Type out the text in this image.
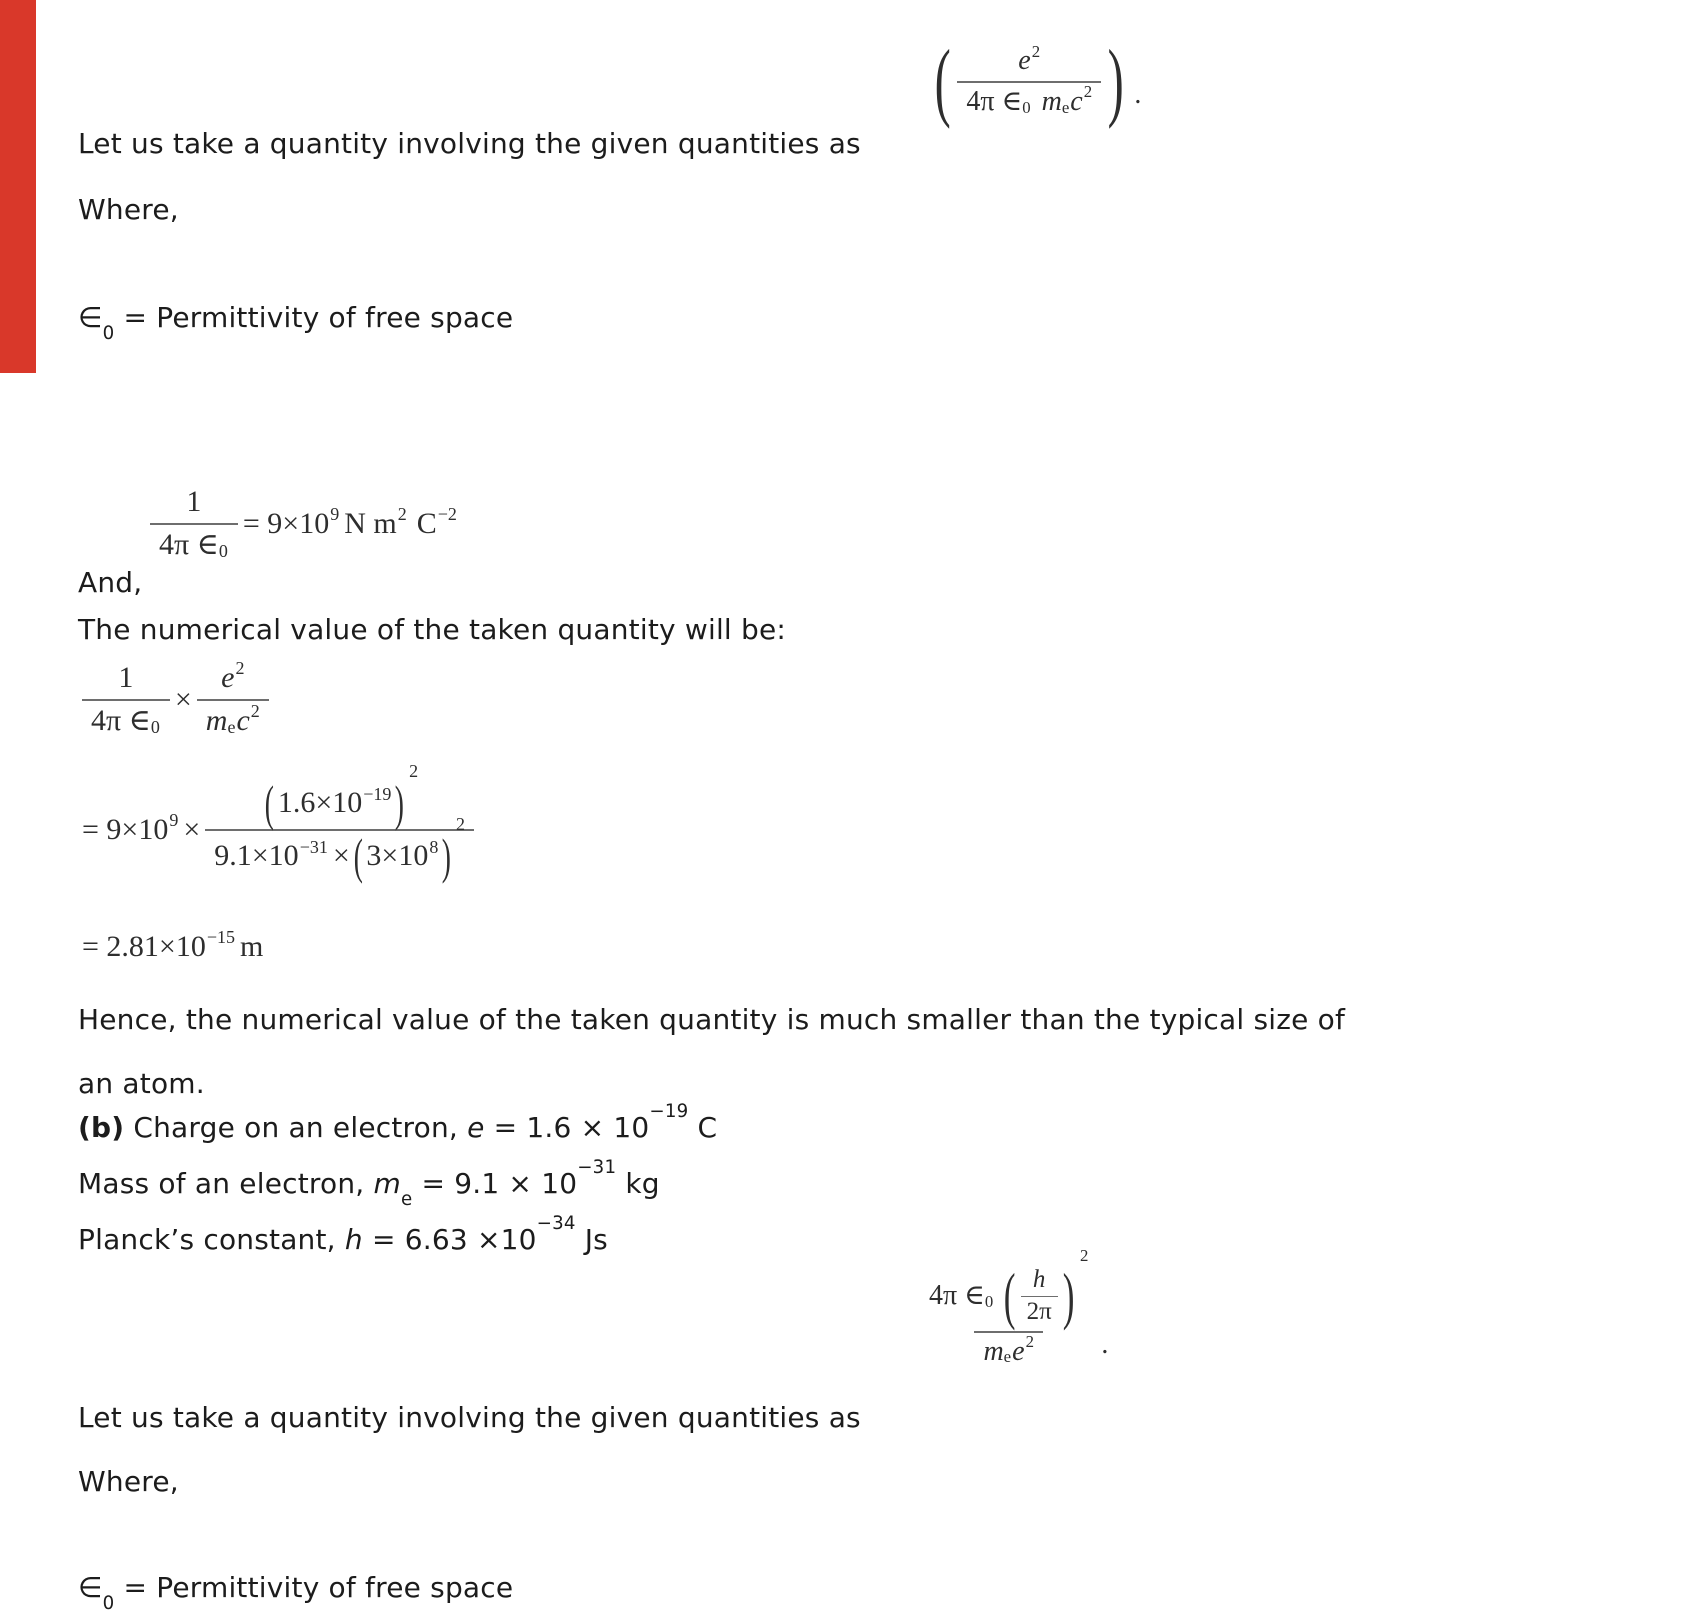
( $\frac{e^2}{4\pi \in_0 m_e c^2}$ ) .
Let us take a quantity involving the given quantities as
Where,
$\in_0$ = Permittivity of free space
$\frac{1}{4\pi \in_0} = 9\times 10^9$ N $m^2$ $C^{-2}$
And,
The numerical value of the taken quantity will be:
$\frac{1}{4\pi \in_0} \times \frac{e^2}{m_e c^2}$
= $9\times 10^9$ × ( $1.6\times 10^{-19}$ )
$^2$
$9.1\times 10^{-31}$ × ( $3\times 10^8$ )
$^2$
= $2.81\times 10^{-15}$ m
Hence, the numerical value of the taken quantity is much smaller than the typical size of
an atom.
(b) Charge on an electron, $e = 1.6 \times 10^{-19}$ C
Mass of an electron, $m_e = 9.1 \times 10^{-31}$ kg
Planck’s constant, $h = 6.63 \times 10^{-34}$ Js
4π $\in_0$ ( $\frac{h}{2\pi}$ )
$^2$
$m_e$ $e^2$ .
Let us take a quantity involving the given quantities as
Where,
$\in_0$ = Permittivity of free space
